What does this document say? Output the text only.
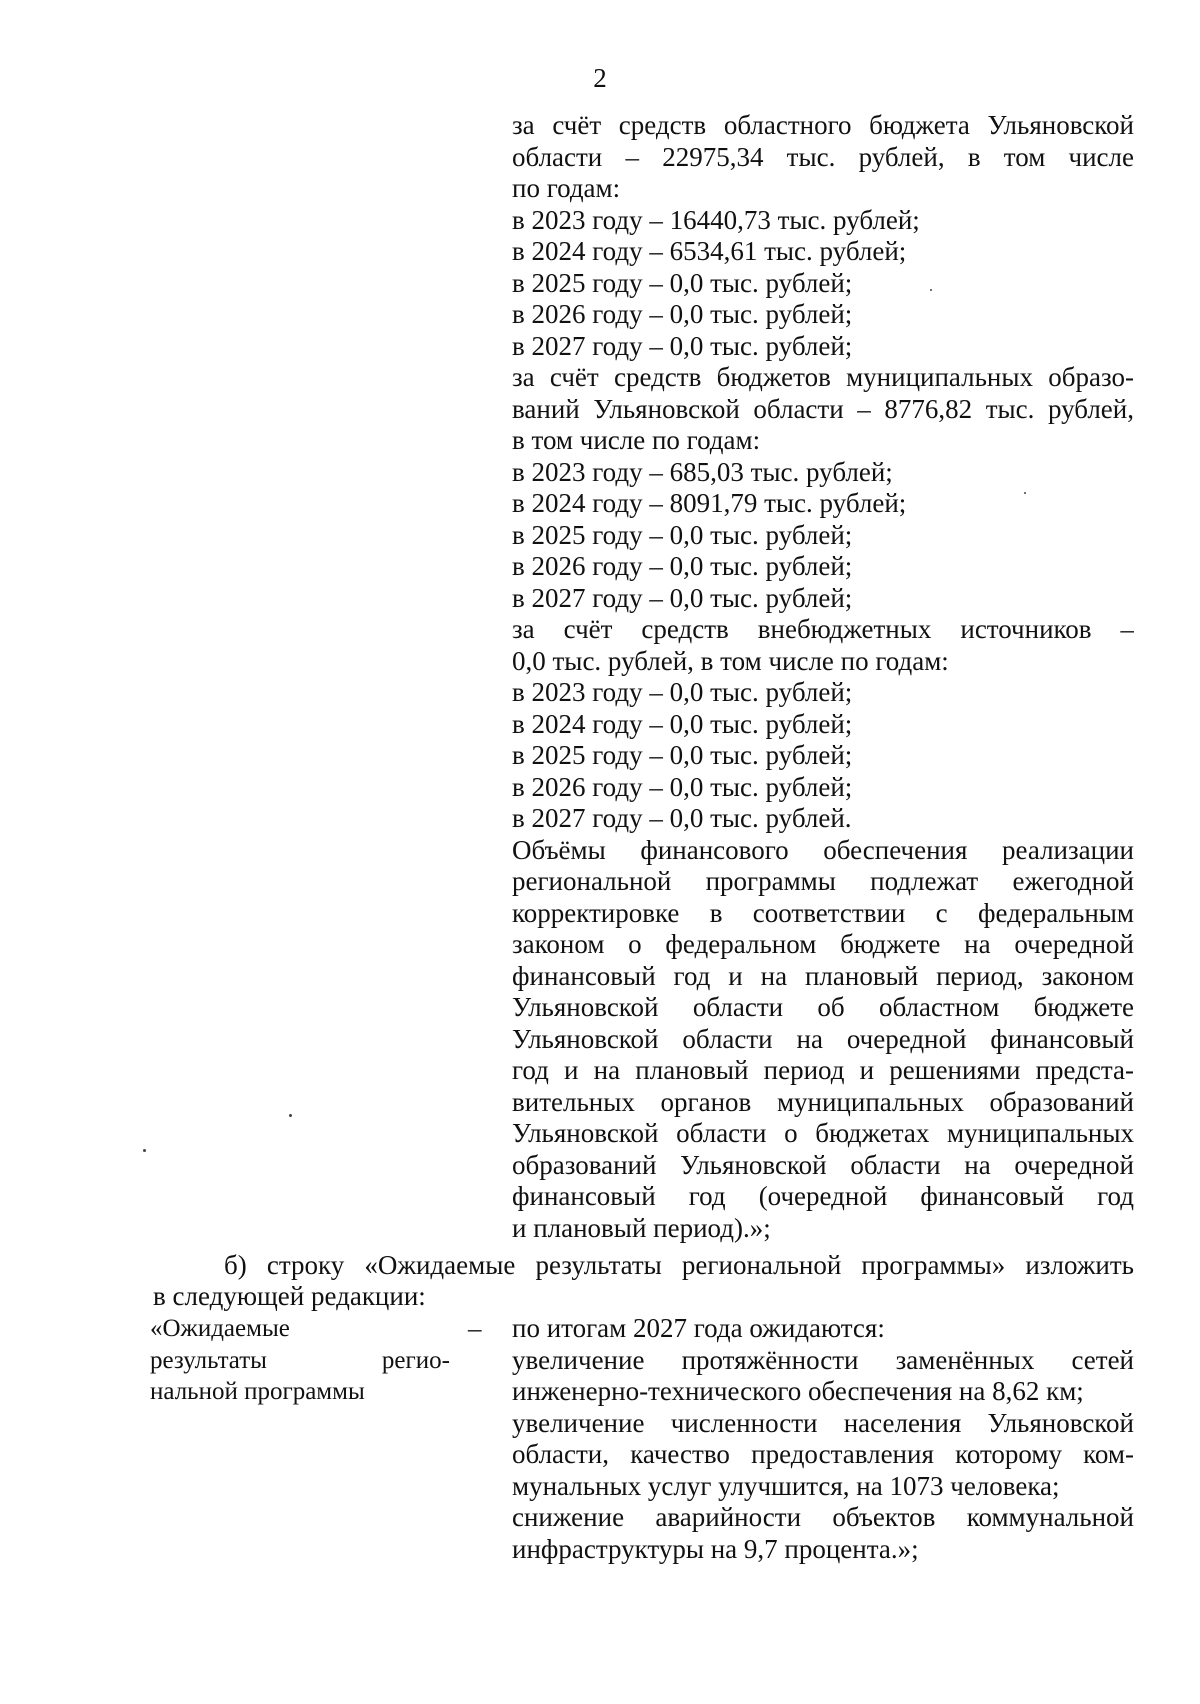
2
за счёт средств областного бюджета Ульяновской
области – 22975,34 тыс. рублей, в том числе
по годам:
в 2023 году – 16440,73 тыс. рублей;
в 2024 году – 6534,61 тыс. рублей;
в 2025 году – 0,0 тыс. рублей;
в 2026 году – 0,0 тыс. рублей;
в 2027 году – 0,0 тыс. рублей;
за счёт средств бюджетов муниципальных образо-
ваний Ульяновской области – 8776,82 тыс. рублей,
в том числе по годам:
в 2023 году – 685,03 тыс. рублей;
в 2024 году – 8091,79 тыс. рублей;
в 2025 году – 0,0 тыс. рублей;
в 2026 году – 0,0 тыс. рублей;
в 2027 году – 0,0 тыс. рублей;
за счёт средств внебюджетных источников –
0,0 тыс. рублей, в том числе по годам:
в 2023 году – 0,0 тыс. рублей;
в 2024 году – 0,0 тыс. рублей;
в 2025 году – 0,0 тыс. рублей;
в 2026 году – 0,0 тыс. рублей;
в 2027 году – 0,0 тыс. рублей.
Объёмы финансового обеспечения реализации
региональной программы подлежат ежегодной
корректировке в соответствии с федеральным
законом о федеральном бюджете на очередной
финансовый год и на плановый период, законом
Ульяновской области об областном бюджете
Ульяновской области на очередной финансовый
год и на плановый период и решениями предста-
вительных органов муниципальных образований
Ульяновской области о бюджетах муниципальных
образований Ульяновской области на очередной
финансовый год (очередной финансовый год
и плановый период).»;
б) строку «Ожидаемые результаты региональной программы» изложить
в следующей редакции:
«Ожидаемые
результаты регио-
нальной программы
– по итогам 2027 года ожидаются:
увеличение протяжённости заменённых сетей
инженерно-технического обеспечения на 8,62 км;
увеличение численности населения Ульяновской
области, качество предоставления которому ком-
мунальных услуг улучшится, на 1073 человека;
снижение аварийности объектов коммунальной
инфраструктуры на 9,7 процента.»;
